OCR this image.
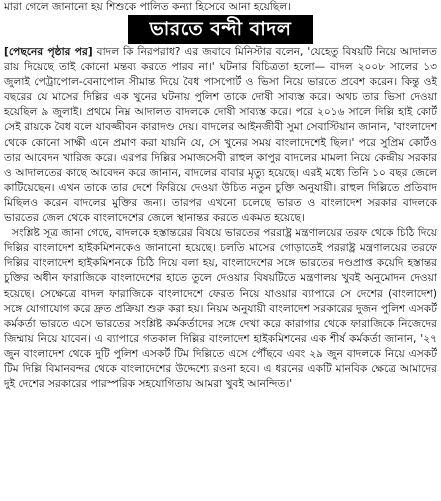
মারা গেলে জানানো হয় শিশুকে পালিত কন্যা হিসেবে আনা হয়েছিল।
ভারতে বন্দী বাদল

[পেছনের পৃষ্ঠার পর] বাদল কি নিরপরাধ? এর জবাবে মিনিস্টার বলেন, 'যেহেতু বিষয়টি নিয়ে আদালত রায় দিয়েছে তাই কোনো মন্তব্য করতে পারব না।' ঘটনার বিচিত্রতা হলো— বাদল ২০০৮ সালের ১৩ জুলাই পেট্রাপোল-বেনাপোল সীমান্ত দিয়ে বৈধ পাসপোর্ট ও ভিসা নিয়ে ভারতে প্রবেশ করেন। কিন্তু ওই বছরের যে মাসের দিল্লির এক খুনের ঘটনায় পুলিশ তাকে দোষী সাব্যস্ত করে। অথচ তার ভিসা দেওয়া হয়েছিল ৯ জুলাই। প্রথমে নিম্ন আদালত বাদলকে দোষী সাব্যস্ত করে। পরে ২০১৬ সালে দিল্লি হাই কোর্ট সেই রায়কে বৈধ বলে যাবজ্জীবন কারাদণ্ড দেয়। বাদলের আইনজীবী সুমা সেবাস্টিয়ান জানান, 'বাংলাদেশ থেকে কোনো সাক্ষী এনে প্রমাণ করা যায়নি যে, সে খুনের সময় বাংলাদেশেই ছিল।' পরে সুপ্রিম কোর্টও তার আবেদন খারিজ করে। এরপর দিল্লির সমাজসেবী রাহুল কাপুর বাদলের মামলা নিয়ে কেন্দ্রীয় সরকার ও আদালতের কাছে আবেদন করে জানান, বাদলের বাবার মৃত্যু হয়েছে। এরই মধ্যে তিনি ১০ বছর জেলে কাটিয়েছেন। এখন তাকে তার দেশে ফিরিয়ে দেওয়া উচিত নতুন চুক্তি অনুযায়ী। রাহুল দিল্লিতে প্রতিবাদ মিছিলও করেন বাদলের মুক্তির জন্য। তারপর এখনো চলেছে ভারত ও বাংলাদেশ সরকার বাদলকে ভারতের জেল থেকে বাংলাদেশের জেলে স্থানান্তর করতে একমত হয়েছে।

সংশ্লিষ্ট সূত্র জানা গেছে, বাদলকে হস্তান্তরের বিষয়ে ভারতের পররাষ্ট্র মন্ত্রণালয়ের তরফ থেকে চিঠি দিয়ে দিল্লির বাংলাদেশ হাইকমিশনকেও জানানো হয়েছে। চলতি মাসের গোড়াতেই পররাষ্ট্র মন্ত্রণালয়ের তরফে দিল্লির বাংলাদেশ হাইকমিশনকে চিঠি দিয়ে বলা হয়, বাংলাদেশের সঙ্গে ভারতের দণ্ডপ্রাপ্ত কয়েদি হস্তান্তর চুক্তির অধীন ফারাজিকে বাংলাদেশের হাতে তুলে দেওয়ার বিষয়টিতে মন্ত্রণালয় খুবই অনুমোদন দেওয়া হয়েছে। সেক্ষেত্রে বাদল ফারাজিকে বাংলাদেশে ফেরত নিয়ে যাওয়ার ব্যাপারে সে দেশের (বাংলাদেশ) সঙ্গে যোগাযোগ করে দ্রুত প্রক্রিয়া শুরু করা হয়। নিয়ম অনুযায়ী বাংলাদেশ সরকারের দুজন পুলিশ এসকর্ট কর্মকর্তা ভারতে এসে ভারতের সংশ্লিষ্ট কর্মকর্তাদের সঙ্গে দেখা করে কারাগার থেকে ফারাজিকে নিজেদের জিম্মায় নিয়ে যাবেন। এ ব্যাপারে গতকাল দিল্লির বাংলাদেশ হাইকমিশনের এক শীর্ষ কর্মকর্তা জানান, '২৭ জুন বাংলাদেশ থেকে দুটি পুলিশ এসকর্ট টিম দিল্লিতে এসে পৌঁছবে এবং ২৯ জুন বাদলকে নিয়ে এসকর্ট টিম দিল্লি বিমানবন্দর থেকে বাংলাদেশের উদ্দেশ্যে রওনা হবে। এ ধরনের একটি মানবিক ক্ষেত্রে আমাদের দুই দেশের সরকারের পারস্পরিক সহযোগিতায় আমরা খুবই আনন্দিত।'
